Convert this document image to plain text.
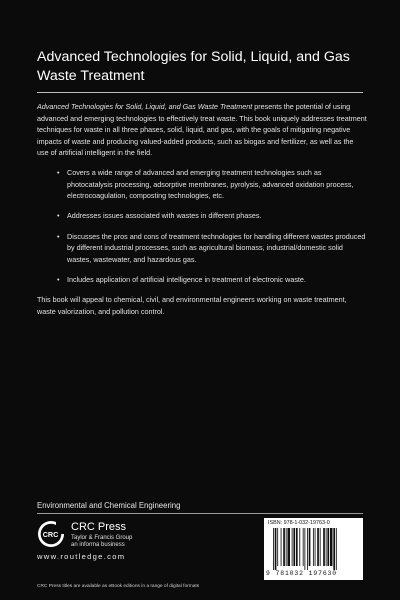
Advanced Technologies for Solid, Liquid, and Gas Waste Treatment

Advanced Technologies for Solid, Liquid, and Gas Waste Treatment presents the potential of using advanced and emerging technologies to effectively treat waste. This book uniquely addresses treatment techniques for waste in all three phases, solid, liquid, and gas, with the goals of mitigating negative impacts of waste and producing valued-added products, such as biogas and fertilizer, as well as the use of artificial intelligent in the field.

• Covers a wide range of advanced and emerging treatment technologies such as photocatalysis processing, adsorptive membranes, pyrolysis, advanced oxidation process, electrocoagulation, composting technologies, etc.
• Addresses issues associated with wastes in different phases.
• Discusses the pros and cons of treatment technologies for handling different wastes produced by different industrial processes, such as agricultural biomass, industrial/domestic solid wastes, wastewater, and hazardous gas.
• Includes application of artificial intelligence in treatment of electronic waste.

This book will appeal to chemical, civil, and environmental engineers working on waste treatment, waste valorization, and pollution control.

Environmental and Chemical Engineering
CRC
CRC Press
Taylor & Francis Group
an informa business
www.routledge.com
ISBN: 978-1-032-19763-0
9 781032 197630
CRC Press titles are available as eBook editions in a range of digital formats
